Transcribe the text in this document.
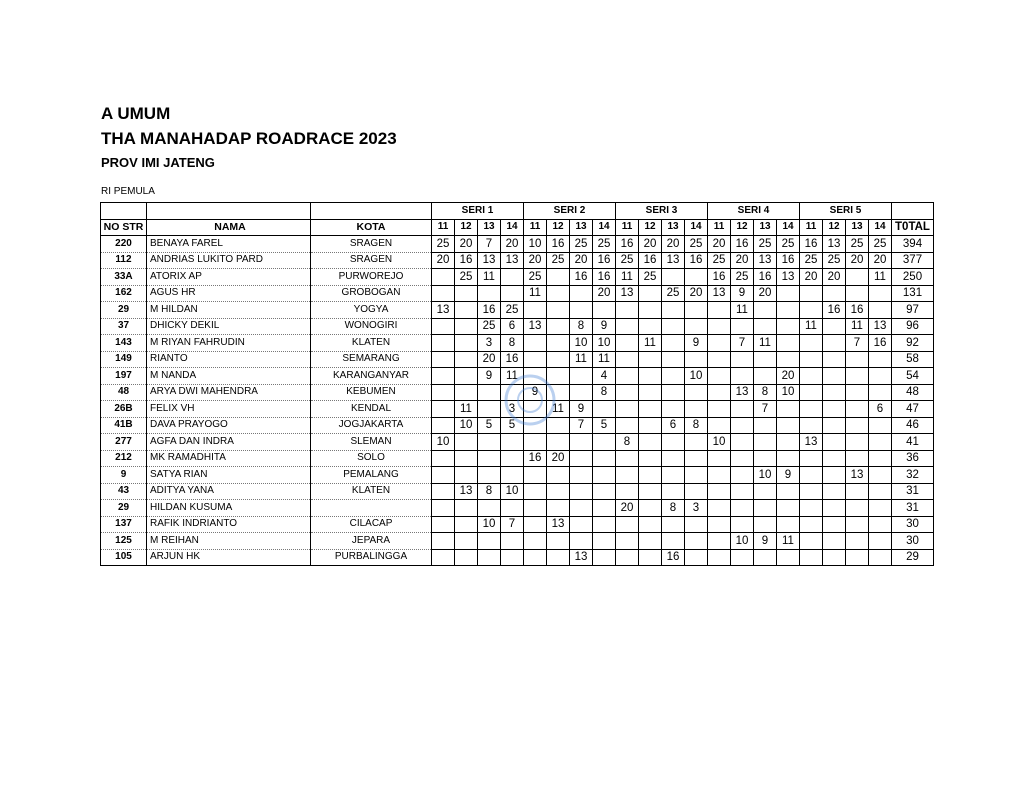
A UMUM
THA MANAHADAP ROADRACE 2023
PROV IMI JATENG
RI PEMULA
			SERI 1				SERI 2				SERI 3				SERI 4				SERI 5				
NO STR	NAMA	KOTA	11	12	13	14	11	12	13	14	11	12	13	14	11	12	13	14	11	12	13	14	T0TAL
220	BENAYA FAREL	SRAGEN	25	20	7	20	10	16	25	25	16	20	20	25	20	16	25	25	16	13	25	25	394
112	ANDRIAS LUKITO PARD	SRAGEN	20	16	13	13	20	25	20	16	25	16	13	16	25	20	13	16	25	25	20	20	377
33A	ATORIX AP	PURWOREJO		25	11		25		16	16	11	25			16	25	16	13	20	20		11	250
162	AGUS HR	GROBOGAN					11			20	13		25	20	13	9	20						131
29	M HILDAN	YOGYA	13		16	25										11				16	16		97
37	DHICKY DEKIL	WONOGIRI			25	6	13		8	9									11		11	13	96
143	M RIYAN FAHRUDIN	KLATEN			3	8			10	10		11		9		7	11				7	16	92
149	RIANTO	SEMARANG			20	16			11	11													58
197	M NANDA	KARANGANYAR			9	11				4				10				20					54
48	ARYA DWI MAHENDRA	KEBUMEN					9			8						13	8	10					48
26B	FELIX VH	KENDAL		11		3		11	9								7					6	47
41B	DAVA PRAYOGO	JOGJAKARTA		10	5	5			7	5			6	8									46
277	AGFA DAN INDRA	SLEMAN	10								8				10				13				41
212	MK RAMADHITA	SOLO					16	20															36
9	SATYA RIAN	PEMALANG															10	9			13		32
43	ADITYA YANA	KLATEN		13	8	10																	31
29	HILDAN KUSUMA										20		8	3									31
137	RAFIK INDRIANTO	CILACAP			10	7		13															30
125	M REIHAN	JEPARA														10	9	11					30
105	ARJUN HK	PURBALINGGA							13				16										29
